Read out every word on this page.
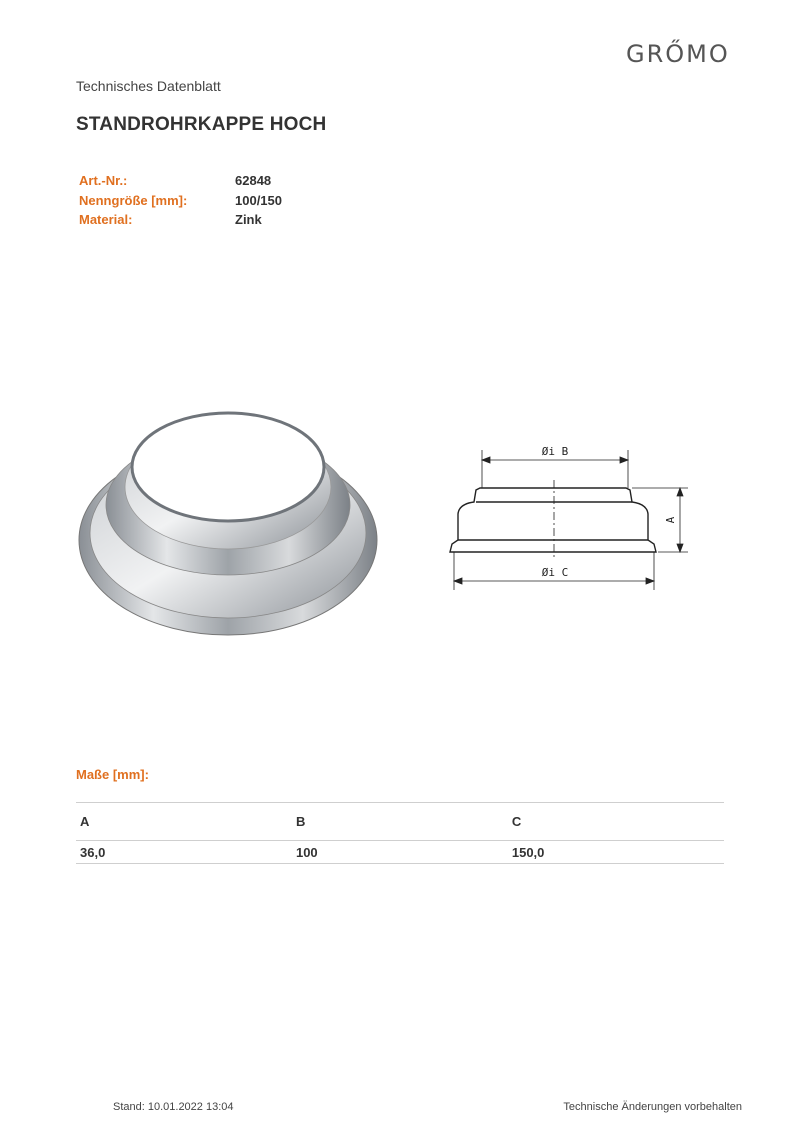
GRŐMO
Technisches Datenblatt
STANDROHRKAPPE HOCH
Art.-Nr.:	62848
Nenngröße [mm]:	100/150
Material:	Zink
Øi B
Øi C
A
Maße [mm]:
A	B	C
36,0	100	150,0
Stand: 10.01.2022 13:04	Technische Änderungen vorbehalten
